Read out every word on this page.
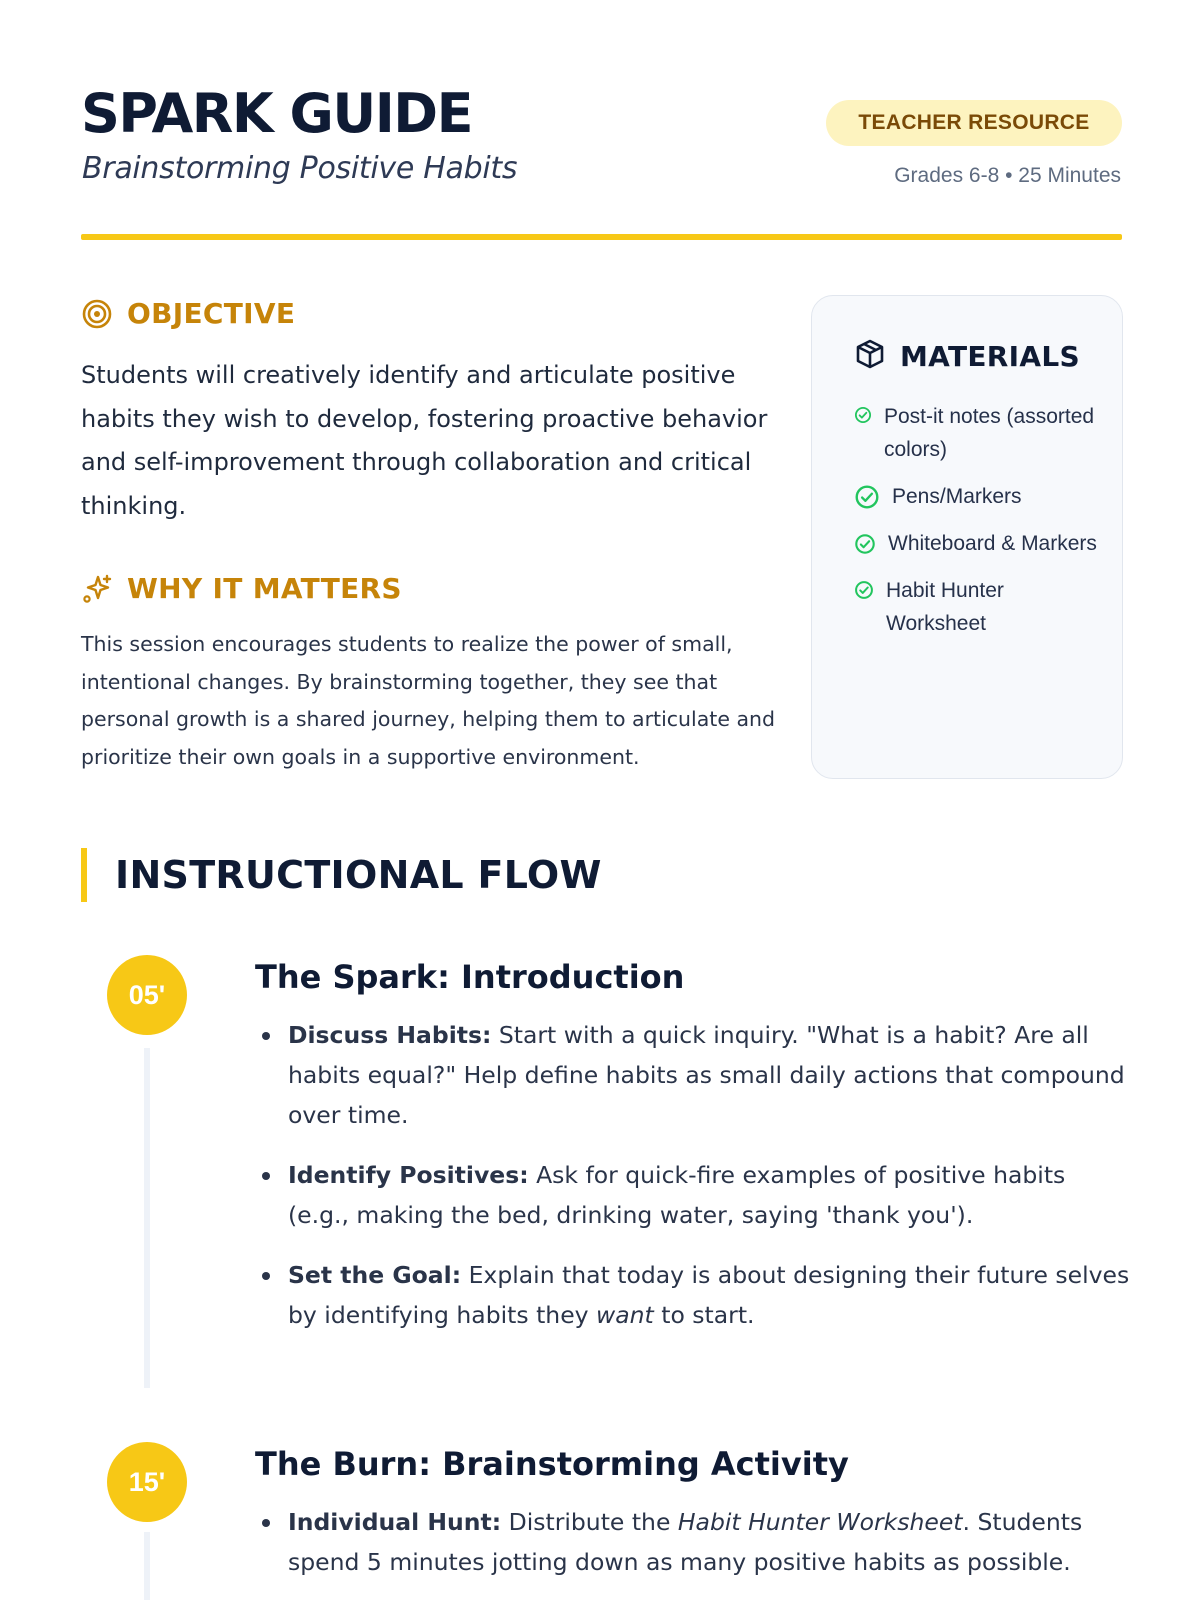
SPARK GUIDE
Brainstorming Positive Habits
TEACHER RESOURCE
Grades 6-8 • 25 Minutes
OBJECTIVE

Students will creatively identify and articulate positive habits they wish to develop, fostering proactive behavior and self-improvement through collaboration and critical thinking.

WHY IT MATTERS

This session encourages students to realize the power of small, intentional changes. By brainstorming together, they see that personal growth is a shared journey, helping them to articulate and prioritize their own goals in a supportive environment.

MATERIALS
Post-it notes (assorted colors)
Pens/Markers
Whiteboard & Markers
Habit Hunter Worksheet
INSTRUCTIONAL FLOW
05'	The Spark: Introduction
Discuss Habits: Start with a quick inquiry. "What is a habit? Are all habits equal?" Help define habits as small daily actions that compound over time.
Identify Positives: Ask for quick-fire examples of positive habits (e.g., making the bed, drinking water, saying 'thank you').
Set the Goal: Explain that today is about designing their future selves by identifying habits they want to start.
15'	The Burn: Brainstorming Activity
Individual Hunt: Distribute the Habit Hunter Worksheet. Students spend 5 minutes jotting down as many positive habits as possible.
